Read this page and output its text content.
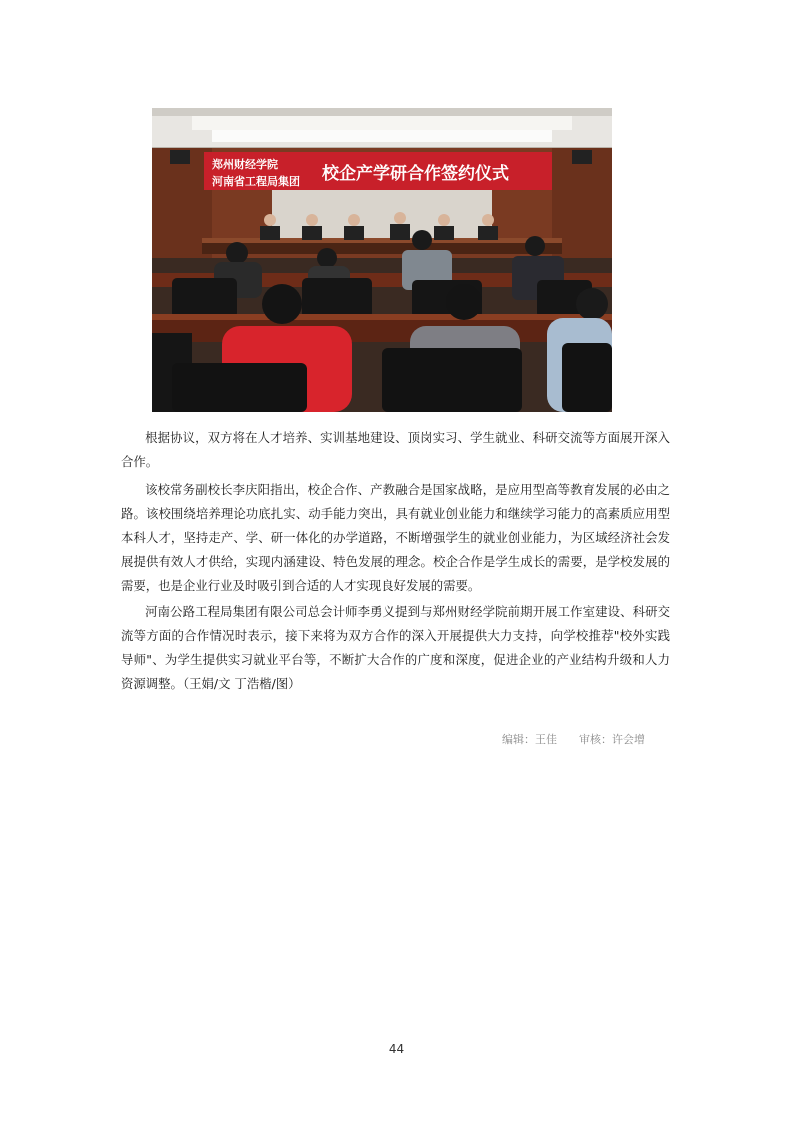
郑州财经学院
河南省工程局集团 校企产学研合作签约仪式
根据协议，双方将在人才培养、实训基地建设、顶岗实习、学生就业、科研交流等方面展开深入合作。
该校常务副校长李庆阳指出，校企合作、产教融合是国家战略，是应用型高等教育发展的必由之路。该校围绕培养理论功底扎实、动手能力突出，具有就业创业能力和继续学习能力的高素质应用型本科人才，坚持走产、学、研一体化的办学道路，不断增强学生的就业创业能力，为区域经济社会发展提供有效人才供给，实现内涵建设、特色发展的理念。校企合作是学生成长的需要，是学校发展的需要，也是企业行业及时吸引到合适的人才实现良好发展的需要。
河南公路工程局集团有限公司总会计师李勇义提到与郑州财经学院前期开展工作室建设、科研交流等方面的合作情况时表示，接下来将为双方合作的深入开展提供大力支持，向学校推荐"校外实践导师"、为学生提供实习就业平台等，不断扩大合作的广度和深度，促进企业的产业结构升级和人力资源调整。（王娟/文 丁浩楷/图）
编辑：王佳 审核：许会增
44
